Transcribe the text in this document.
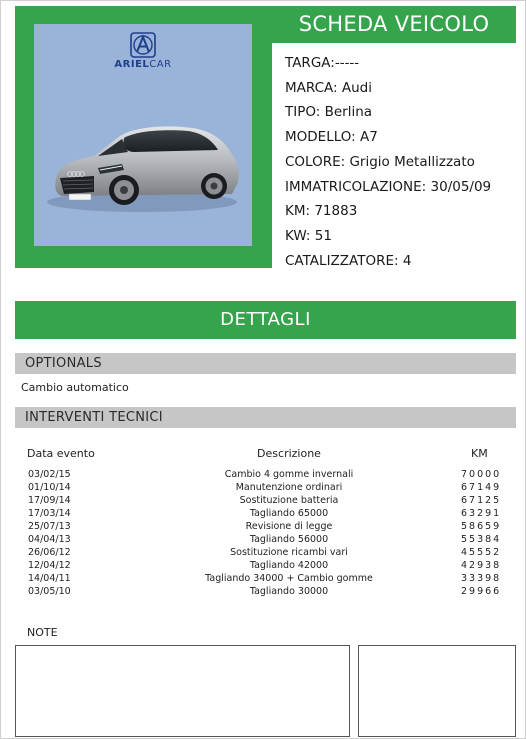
ARIELCAR
SCHEDA VEICOLO
TARGA:-----
MARCA: Audi
TIPO: Berlina
MODELLO: A7
COLORE: Grigio Metallizzato
IMMATRICOLAZIONE: 30/05/09
KM: 71883
KW: 51
CATALIZZATORE: 4
DETTAGLI
OPTIONALS
Cambio automatico
INTERVENTI TECNICI
Data evento	Descrizione	KM
03/02/15	Cambio 4 gomme invernali	70000
01/10/14	Manutenzione ordinari	67149
17/09/14	Sostituzione batteria	67125
17/03/14	Tagliando 65000	63291
25/07/13	Revisione di legge	58659
04/04/13	Tagliando 56000	55384
26/06/12	Sostituzione ricambi vari	45552
12/04/12	Tagliando 42000	42938
14/04/11	Tagliando 34000 + Cambio gomme	33398
03/05/10	Tagliando 30000	29966
NOTE
